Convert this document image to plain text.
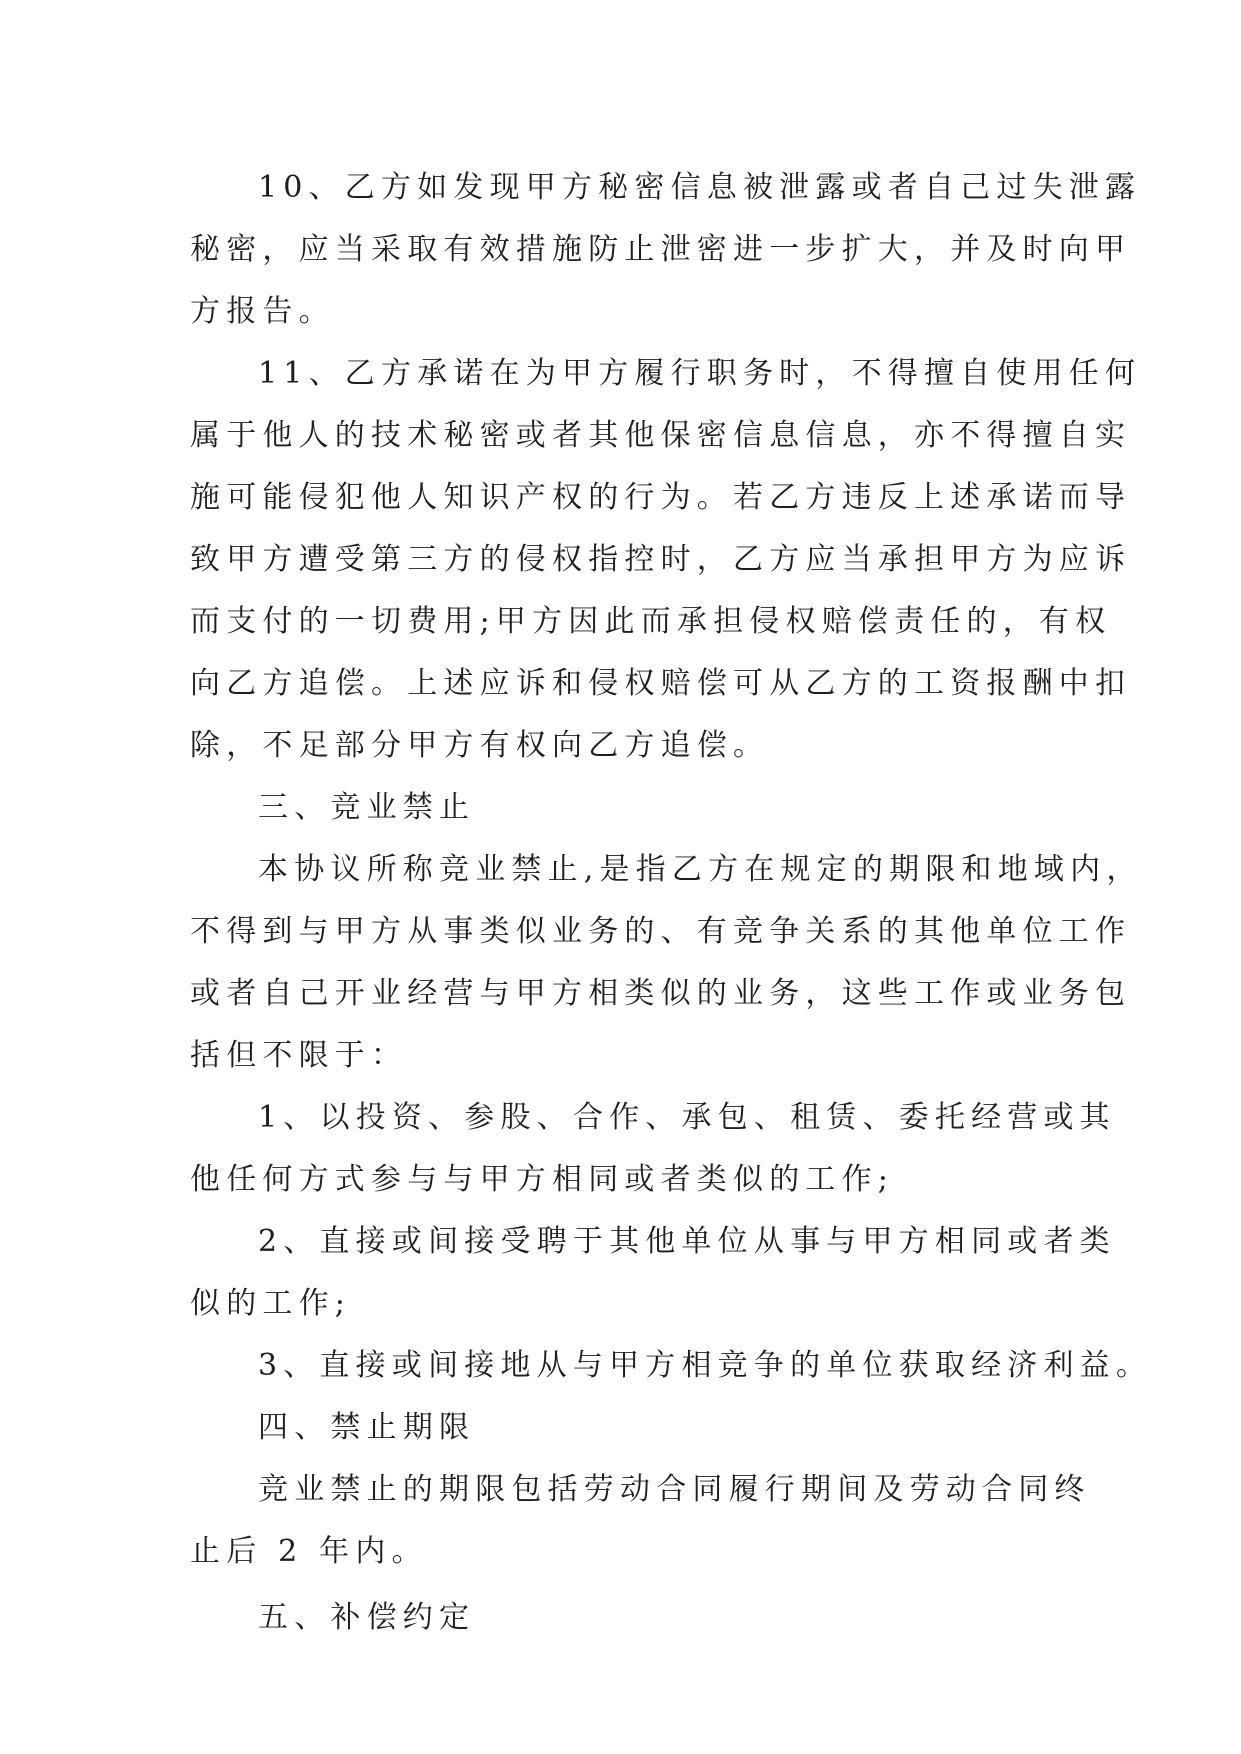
10、乙方如发现甲方秘密信息被泄露或者自己过失泄露
秘密，应当采取有效措施防止泄密进一步扩大，并及时向甲
方报告。

11、乙方承诺在为甲方履行职务时，不得擅自使用任何
属于他人的技术秘密或者其他保密信息信息，亦不得擅自实
施可能侵犯他人知识产权的行为。若乙方违反上述承诺而导
致甲方遭受第三方的侵权指控时，乙方应当承担甲方为应诉
而支付的一切费用;甲方因此而承担侵权赔偿责任的，有权
向乙方追偿。上述应诉和侵权赔偿可从乙方的工资报酬中扣
除，不足部分甲方有权向乙方追偿。

三、竞业禁止

本协议所称竞业禁止,是指乙方在规定的期限和地域内，
不得到与甲方从事类似业务的、有竞争关系的其他单位工作
或者自己开业经营与甲方相类似的业务，这些工作或业务包
括但不限于：

1、以投资、参股、合作、承包、租赁、委托经营或其
他任何方式参与与甲方相同或者类似的工作;

2、直接或间接受聘于其他单位从事与甲方相同或者类
似的工作;

3、直接或间接地从与甲方相竞争的单位获取经济利益。

四、禁止期限

竞业禁止的期限包括劳动合同履行期间及劳动合同终
止后 2 年内。

五、补偿约定
